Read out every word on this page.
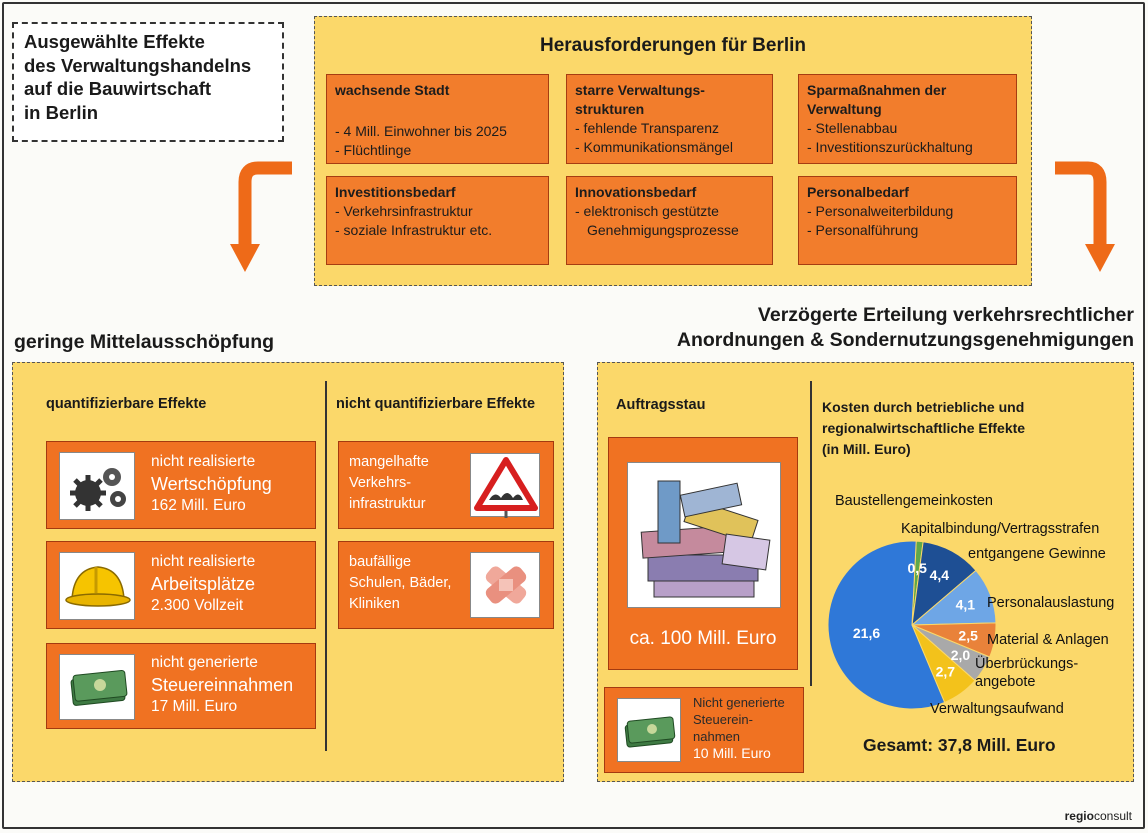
Ausgewählte Effekte
des Verwaltungshandelns
auf die Bauwirtschaft
in Berlin
Herausforderungen für Berlin
wachsende Stadt
- 4 Mill. Einwohner bis 2025
- Flüchtlinge
starre Verwaltungs-
strukturen
- fehlende Transparenz
- Kommunikationsmängel
Sparmaßnahmen der
Verwaltung
- Stellenabbau
- Investitionszurückhaltung
Investitionsbedarf
- Verkehrsinfrastruktur
- soziale Infrastruktur etc.
Innovationsbedarf
- elektronisch gestützte
Genehmigungsprozesse
Personalbedarf
- Personalweiterbildung
- Personalführung
geringe Mittelausschöpfung
Verzögerte Erteilung verkehrsrechtlicher
Anordnungen & Sondernutzungsgenehmigungen
quantifizierbare Effekte	nicht quantifizierbare Effekte
nicht realisierte
Wertschöpfung
162 Mill. Euro
nicht realisierte
Arbeitsplätze
2.300 Vollzeit
nicht generierte
Steuereinnahmen
17 Mill. Euro
mangelhafte
Verkehrs-
infrastruktur
baufällige
Schulen, Bäder,
Kliniken
Auftragsstau
ca. 100 Mill. Euro
Nicht generierte
Steuerein-
nahmen
10 Mill. Euro
Kosten durch betriebliche und
regionalwirtschaftliche Effekte
(in Mill. Euro)
21,6
0,5 4,4
4,1
2,5
2,0
2,7
Baustellengemeinkosten
Kapitalbindung/Vertragsstrafen
entgangene Gewinne
Personalauslastung
Material & Anlagen
Überbrückungs-angebote
Verwaltungsaufwand
Gesamt: 37,8 Mill. Euro
regioconsult
